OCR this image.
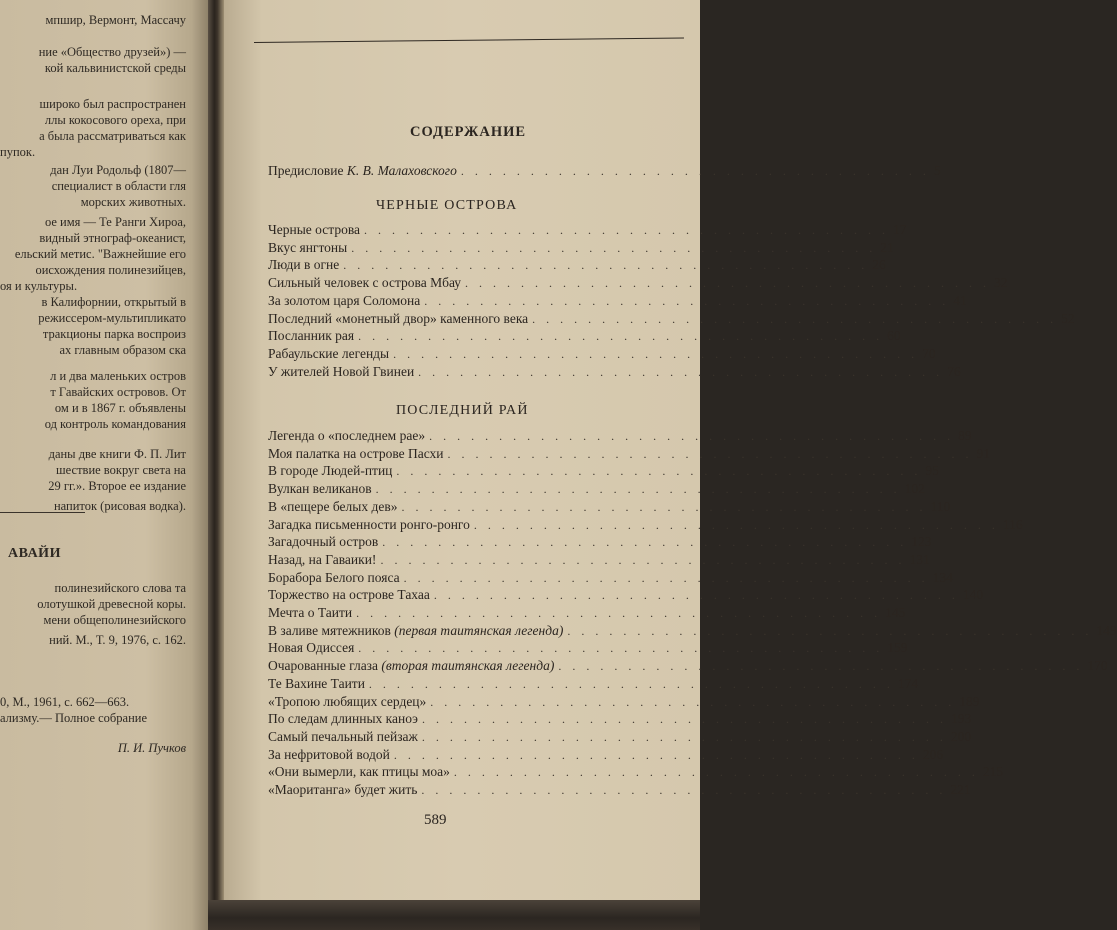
мпшир, Вермонт, Массачу
ние «Общество друзей») —
кой кальвинистской среды
широко был распространен
ллы кокосового ореха, при
а была рассматриваться как
пупок.
дан Луи Родольф (1807—
специалист в области гля
морских животных.
ое имя — Те Ранги Хироа,
видный этнограф-океанист,
ельский метис. "Важнейшие его
оисхождения полинезийцев,
оя и культуры.
в Калифорнии, открытый в
режиссером-мультипликато
тракционы парка воспроиз
ах главным образом ска
л и два маленьких остров
т Гавайских островов. От
ом и в 1867 г. объявлены
од контроль командования
даны две книги Ф. П. Лит
шествие вокруг света на
29 гг.». Второе ее издание
напиток (рисовая водка).
АВАЙИ
полинезийского слова та
олотушкой древесной коры.
мени общеполинезийского
ний. М., Т. 9, 1976, с. 162.
0, М., 1961, с. 662—663.
ализму.— Полное собрание
П. И. Пучков
СОДЕРЖАНИЕ
Предисловие К. В. Малаховского . . . . . . . . . . . . . . . . . . . . . . . . . . . . . . . . . . 5
ЧЕРНЫЕ ОСТРОВА
Черные острова . . . . . . . . . . . . . . . . . . . . . . . . . . . . . . . . . . . . . . 17
Вкус янгтоны . . . . . . . . . . . . . . . . . . . . . . . . . . . . . . . . . . . . . . 21
Люди в огне . . . . . . . . . . . . . . . . . . . . . . . . . . . . . . . . . . . . . . 26
Сильный человек с острова Мбау . . . . . . . . . . . . . . . . . . . . . . . . . . . . . . . . . . . . . . 32
За золотом царя Соломона . . . . . . . . . . . . . . . . . . . . . . . . . . . . . . . . . . . . . . 41
Последний «монетный двор» каменного века . . . . . . . . . . . . . . . . . . . . . . . . . . . . . . . . . . . . . . 52
Посланник рая . . . . . . . . . . . . . . . . . . . . . . . . . . . . . . . . . . . . . . 60
Рабаульские легенды . . . . . . . . . . . . . . . . . . . . . . . . . . . . . . . . . . . . . . 70
У жителей Новой Гвинеи . . . . . . . . . . . . . . . . . . . . . . . . . . . . . . . . . . . . . . 76
ПОСЛЕДНИЙ РАЙ
Легенда о «последнем рае» . . . . . . . . . . . . . . . . . . . . . . . . . . . . . . . . . . . . . . 89
Моя палатка на острове Пасхи . . . . . . . . . . . . . . . . . . . . . . . . . . . . . . . . . . . . . . 91
В городе Людей-птиц . . . . . . . . . . . . . . . . . . . . . . . . . . . . . . . . . . . . . . 95
Вулкан великанов . . . . . . . . . . . . . . . . . . . . . . . . . . . . . . . . . . . . . . 102
В «пещере белых дев» . . . . . . . . . . . . . . . . . . . . . . . . . . . . . . . . . . . . . . 110
Загадка письменности ронго-ронго . . . . . . . . . . . . . . . . . . . . . . . . . . . . . . . . . . . . . . 116
Загадочный остров . . . . . . . . . . . . . . . . . . . . . . . . . . . . . . . . . . . . . . 123
Назад, на Гаваики! . . . . . . . . . . . . . . . . . . . . . . . . . . . . . . . . . . . . . . 131
Борабора Белого пояса . . . . . . . . . . . . . . . . . . . . . . . . . . . . . . . . . . . . . . 134
Торжество на острове Тахаа . . . . . . . . . . . . . . . . . . . . . . . . . . . . . . . . . . . . . . 140
Мечта о Таити . . . . . . . . . . . . . . . . . . . . . . . . . . . . . . . . . . . . . . 145
В заливе мятежников (первая таитянская легенда) . . . . . . . . . . . . . . . . . . . . . . . . . . . . . . . . . . . . . . 149
Новая Одиссея . . . . . . . . . . . . . . . . . . . . . . . . . . . . . . . . . . . . . . 159
Очарованные глаза (вторая таитянская легенда) . . . . . . . . . . . . . . . . . . . . . . . . . . . . . . . . . . . . . . 170
Те Вахине Таити . . . . . . . . . . . . . . . . . . . . . . . . . . . . . . . . . . . . . . 174
«Тропою любящих сердец» . . . . . . . . . . . . . . . . . . . . . . . . . . . . . . . . . . . . . . 189
По следам длинных каноэ . . . . . . . . . . . . . . . . . . . . . . . . . . . . . . . . . . . . . . 193
Самый печальный пейзаж . . . . . . . . . . . . . . . . . . . . . . . . . . . . . . . . . . . . . . 200
За нефритовой водой . . . . . . . . . . . . . . . . . . . . . . . . . . . . . . . . . . . . . . 206
«Они вымерли, как птицы моа» . . . . . . . . . . . . . . . . . . . . . . . . . . . . . . . . . . . . . . 215
«Маоританга» будет жить . . . . . . . . . . . . . . . . . . . . . . . . . . . . . . . . . . . . . . 221
589
